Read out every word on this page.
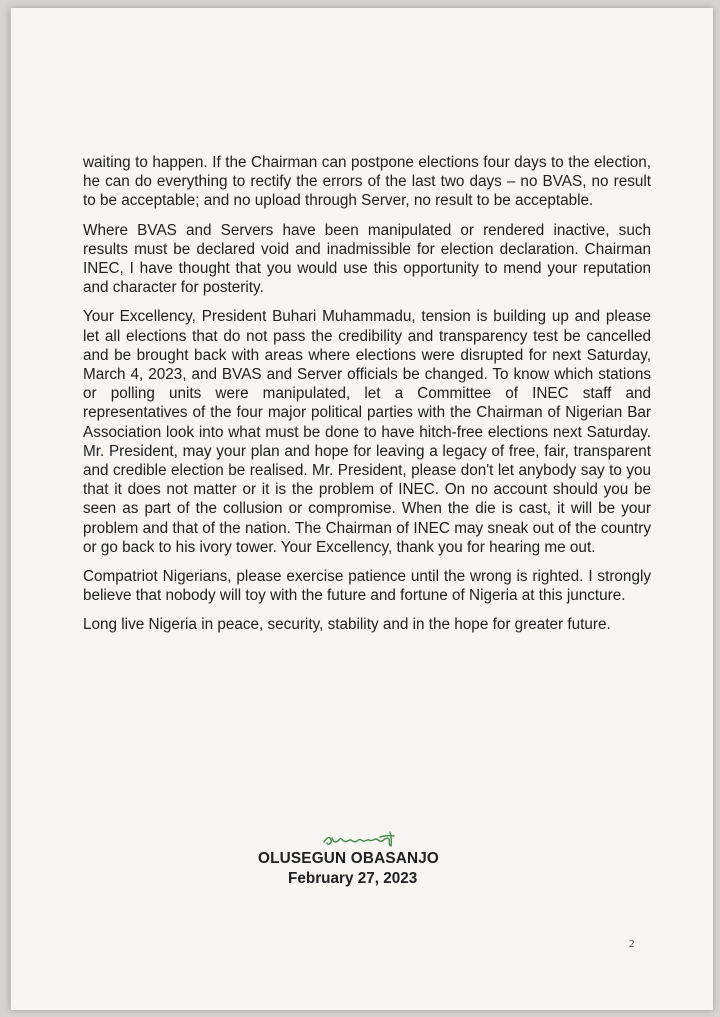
waiting to happen. If the Chairman can postpone elections four days to the election, he can do everything to rectify the errors of the last two days – no BVAS, no result to be acceptable; and no upload through Server, no result to be acceptable.

Where BVAS and Servers have been manipulated or rendered inactive, such results must be declared void and inadmissible for election declaration. Chairman INEC, I have thought that you would use this opportunity to mend your reputation and character for posterity.

Your Excellency, President Buhari Muhammadu, tension is building up and please let all elections that do not pass the credibility and transparency test be cancelled and be brought back with areas where elections were disrupted for next Saturday, March 4, 2023, and BVAS and Server officials be changed. To know which stations or polling units were manipulated, let a Committee of INEC staff and representatives of the four major political parties with the Chairman of Nigerian Bar Association look into what must be done to have hitch-free elections next Saturday. Mr. President, may your plan and hope for leaving a legacy of free, fair, transparent and credible election be realised. Mr. President, please don't let anybody say to you that it does not matter or it is the problem of INEC. On no account should you be seen as part of the collusion or compromise. When the die is cast, it will be your problem and that of the nation. The Chairman of INEC may sneak out of the country or go back to his ivory tower. Your Excellency, thank you for hearing me out.

Compatriot Nigerians, please exercise patience until the wrong is righted. I strongly believe that nobody will toy with the future and fortune of Nigeria at this juncture.

Long live Nigeria in peace, security, stability and in the hope for greater future.

OLUSEGUN OBASANJO
February 27, 2023
2
